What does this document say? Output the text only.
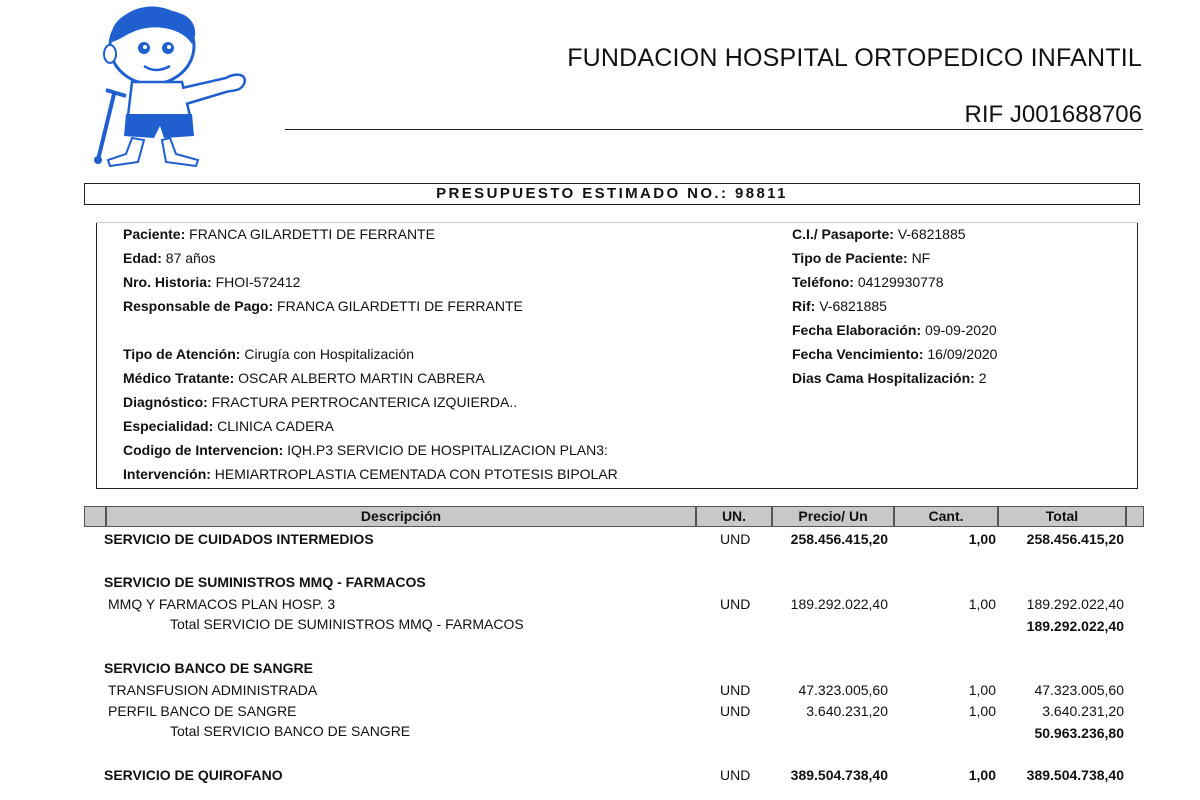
FUNDACION HOSPITAL ORTOPEDICO INFANTIL
RIF J001688706
PRESUPUESTO ESTIMADO NO.: 98811
Paciente: FRANCA GILARDETTI DE FERRANTE
Edad: 87 años
Nro. Historia: FHOI-572412
Responsable de Pago: FRANCA GILARDETTI DE FERRANTE
Tipo de Atención: Cirugía con Hospitalización
Médico Tratante: OSCAR ALBERTO MARTIN CABRERA
Diagnóstico: FRACTURA PERTROCANTERICA IZQUIERDA..
Especialidad: CLINICA CADERA
Codigo de Intervencion: IQH.P3 SERVICIO DE HOSPITALIZACION PLAN3:
Intervención: HEMIARTROPLASTIA CEMENTADA CON PTOTESIS BIPOLAR
C.I./ Pasaporte: V-6821885
Tipo de Paciente: NF
Teléfono: 04129930778
Rif: V-6821885
Fecha Elaboración: 09-09-2020
Fecha Vencimiento: 16/09/2020
Dias Cama Hospitalización: 2
Descripción	UN.	Precio/ Un	Cant.	Total
SERVICIO DE CUIDADOS INTERMEDIOS	UND	258.456.415,20	1,00	258.456.415,20
SERVICIO DE SUMINISTROS MMQ - FARMACOS
MMQ Y FARMACOS PLAN HOSP. 3	UND	189.292.022,40	1,00	189.292.022,40
Total SERVICIO DE SUMINISTROS MMQ - FARMACOS	189.292.022,40
SERVICIO BANCO DE SANGRE
TRANSFUSION ADMINISTRADA	UND	47.323.005,60	1,00	47.323.005,60
PERFIL BANCO DE SANGRE	UND	3.640.231,20	1,00	3.640.231,20
Total SERVICIO BANCO DE SANGRE	50.963.236,80
SERVICIO DE QUIROFANO	UND	389.504.738,40	1,00	389.504.738,40
